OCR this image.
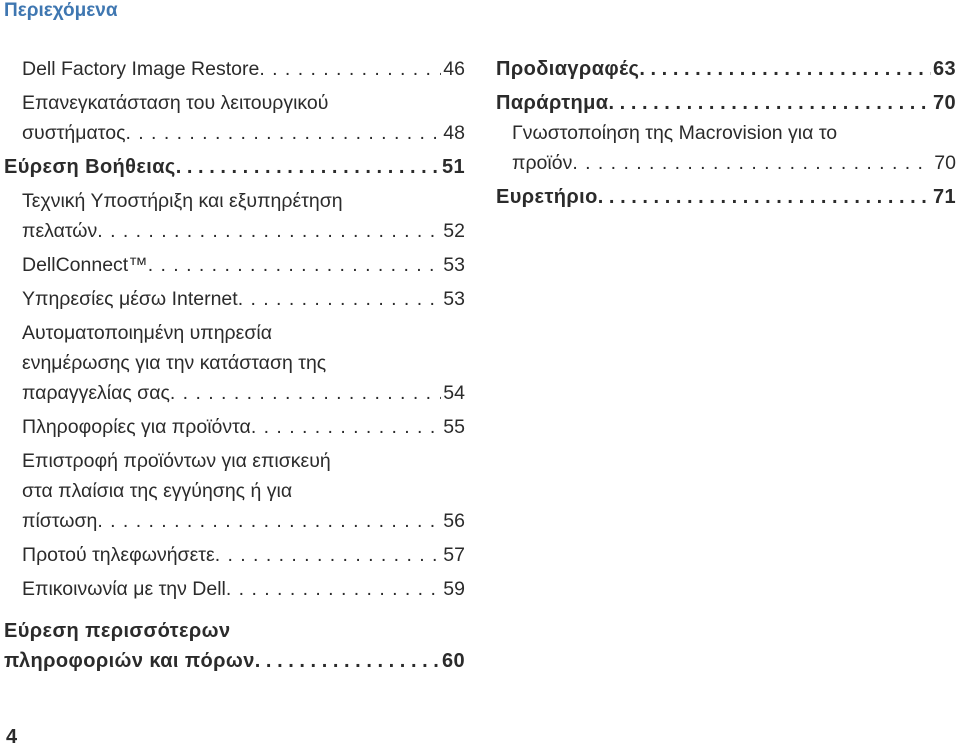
Περιεχόμενα
Dell Factory Image Restore . . .	46
Επανεγκατάσταση του λειτουργικού
συστήματος . . .	48
Εύρεση Βοήθειας .....	51
Τεχνική Υποστήριξη και εξυπηρέτηση
πελατών . . .	52
DellConnect™ . . .	53
Υπηρεσίες μέσω Internet . . .	53
Αυτοματοποιημένη υπηρεσία
ενημέρωσης για την κατάσταση της
παραγγελίας σας . . .	54
Πληροφορίες για προϊόντα . . .	55
Επιστροφή προϊόντων για επισκευή
στα πλαίσια της εγγύησης ή για
πίστωση . . .	56
Προτού τηλεφωνήσετε . . .	57
Επικοινωνία με την Dell . . .	59
Εύρεση περισσότερων
πληροφοριών και πόρων .....	60
Προδιαγραφές .....	63
Παράρτημα .....	70
Γνωστοποίηση της Macrovision για το
προϊόν . . .	70
Ευρετήριο .....	71
4
